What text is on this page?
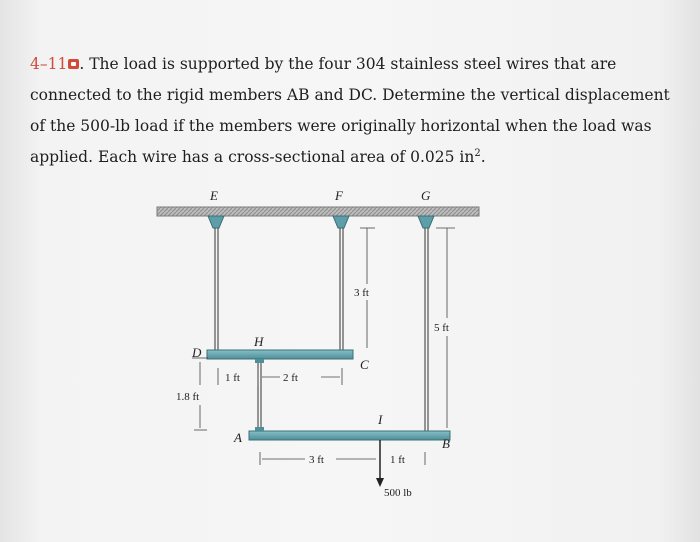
4–11 . The load is supported by the four 304 stainless steel wires that are
connected to the rigid members AB and DC. Determine the vertical displacement
of the 500-lb load if the members were originally horizontal when the load was
applied. Each wire has a cross-sectional area of 0.025 $in^2$.
E	F	G
H
D
C
A
I
B
3 ft
5 ft
1 ft	2 ft
1.8 ft
3 ft	1 ft
500 lb
